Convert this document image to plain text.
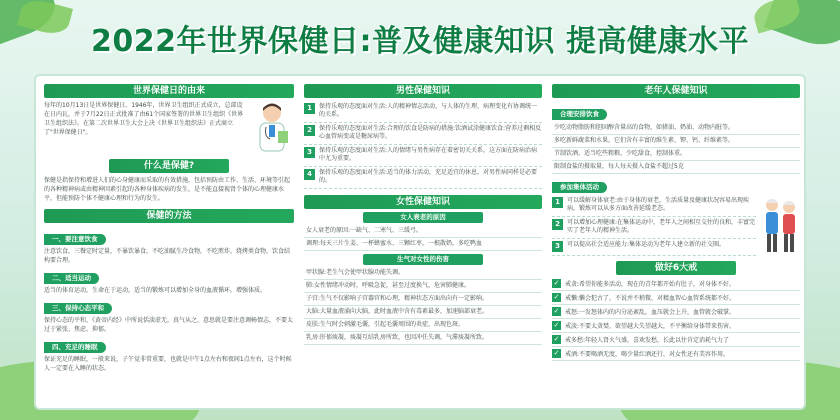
2022年世界保健日:普及健康知识 提高健康水平
世界保健日的由来
每年的10月13日是世界保健日。1946年，世界卫生组织正式成立，总部设在日内瓦，并于7月22日正式批准了由61个国家签署的世界卫生组织《世界卫生组织法》。在第二次世界卫生大会上决《世界卫生组织法》正式商立了"世界保健日"。
什么是保健?
保健是指保持和增进人们的心身健康而采取的有效措施，包括预防由工作、生活、环境等引起的各种精神病或由精神因素引起的各种身体疾病的发生，是不能直接视肾个体的心理健康水平，但能预防个体不健康心理和行为的发生。
保健的方法
一、要注意饮食
注意饮食，三餐定时定量，不暴饮暴食，不吃油腻生冷食物，不吃煎炸，烧烤类食物，饮食结构要合理。
二、适当运动
适当的体育运动，生命在于运动，适当的锻炼可以增加全身的血液循环，增强体质。
三、保持心态平和
保持心态的平和，《黄帝内经》中所说恬淡虚无，真气从之，意思就是要注意调畅情志，不要太过于紧张、焦虑、抑郁。
四、充足的睡眠
保证充足的睡眠，一般来说，子午觉非常重要，也就是中午1点左右和夜间1点左右，这个时候人一定要在入睡的状态。
男性保健知识
1	保持乐观的态度面对生活:人的精神情志活动，与人体的生理、病理变化有协调统一的关系。
2	保持乐观的态度面对生活:合理的饮食是防病的措施:饮酒试涂健康饮食:营养过剩相反心血管病变或是糖尿病等。
3	保持乐观的态度面对生活:人的情绪与男性病存在着密切关关系，这方面在防病治病中尤为重要。
4	保持乐观的态度面对生活:适当的体力活动，充足适宜的休息，对男性病同样是必要的。
女性保健知识
女人衰老的原因
女人衰老的原因:一缺气、二寒气、三缓弓。
调理:每天三片生姜、一杯蜂蜜水、三颗红枣，一根散奶，多吃鸭血
生气对女性的伤害
甲状腺:老生气会使甲状腺功能失调。
肺:女性情绪冲动时，呼吸急促，甚至过度换气，危害肺健康。
子宫:生气不仅影响子宫器官和心理，精神状态方面出向有一定影响。
大脑:大量血液涌向大脑，此时血液中含有毒素最多，加速脑部衰老。
皮肤:生气时会刺激毛囊，引起毛囊周围的炎症，出现色斑。
乳房:肝郁痰凝，痰凝互结乳房所致，也因冲任失调，气滞痰凝所致。
老年人保健知识
合理安排饮食
少吃动物脂肪和胆固醇含量高的食物，如猪油、奶油、动物内脏等。
多吃新鲜蔬菜和水果，它们含有丰富的维生素、钾、钙、纤维素等。
节制饮酒，适当吃些粗粮，少吃甜食，控制体重。
限制食盐的摄取量，每人每天摄入食盐不超过5克
参加集体活动
1	可以缓解身体衰老:由于身体的衰老，生活质量及健康状况容易出现疾病，锻炼可以从多方面改善延缓老态。
2	可以增加心理健康:在集体运动中，老年人之间相互交往的良和，丰富完实了老年人的精神生活。
3	可以提高社会适应能力:集体运动为老年人建立新的社交圈。
做好6大戒
✓ 戒贪:希望你能多活动，现在的青年都开始有肚子，对身体不好。
✓ 戒懒:懒会犯古了，不说并不稍微，对精血智心血管系统都不好。
✓ 戒怒:一发怒体内的内分泌紊乱，血压就会上升，血管就会破掌。
✓ 戒淡:不要太贪婪，欲望越大失望越大，不平衡给身体带来伤害。
✓ 戒多愁:年轻人肾火气盛，喜欢发愁，长此以往肯定消耗气力了
✓ 戒酒:不要喝酒无度，喝少量红酒还行，对女性还有美容作用。
